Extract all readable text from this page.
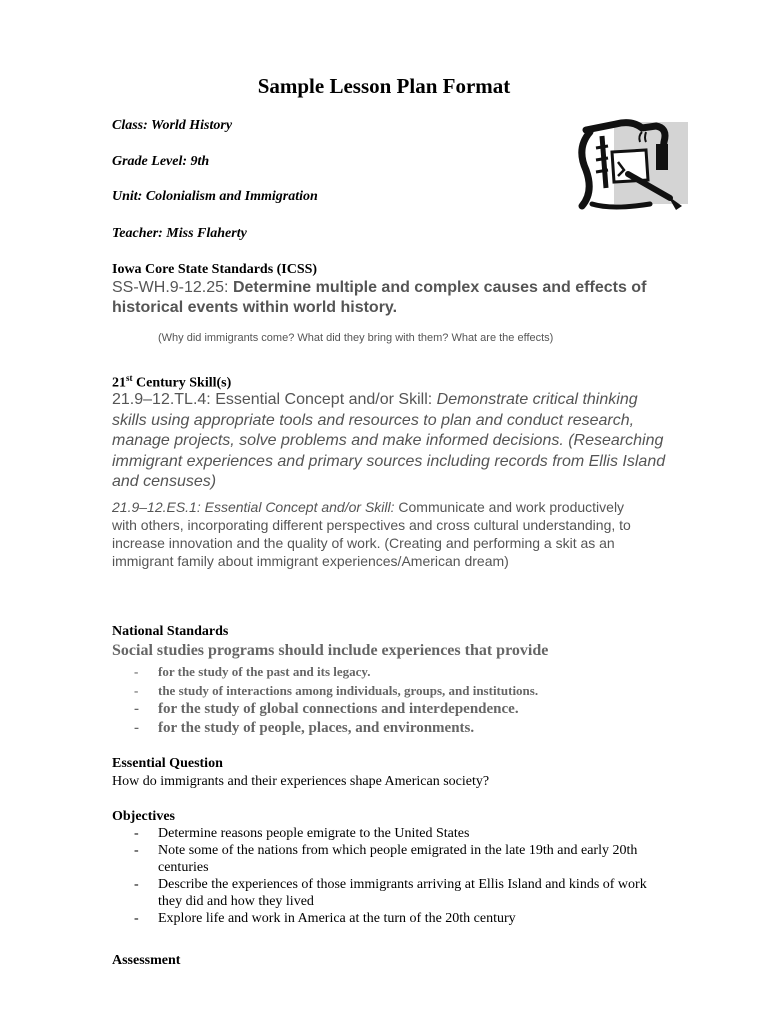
Sample Lesson Plan Format
Class: World History
Grade Level: 9th
Unit: Colonialism and Immigration
Teacher: Miss Flaherty
Iowa Core State Standards (ICSS)
SS-WH.9-12.25: Determine multiple and complex causes and effects of historical events within world history.
(Why did immigrants come? What did they bring with them? What are the effects)
21st Century Skill(s)
21.9–12.TL.4: Essential Concept and/or Skill: Demonstrate critical thinking skills using appropriate tools and resources to plan and conduct research, manage projects, solve problems and make informed decisions. (Researching immigrant experiences and primary sources including records from Ellis Island and censuses)
21.9–12.ES.1: Essential Concept and/or Skill: Communicate and work productively with others, incorporating different perspectives and cross cultural understanding, to increase innovation and the quality of work. (Creating and performing a skit as an immigrant family about immigrant experiences/American dream)
National Standards
Social studies programs should include experiences that provide
- for the study of the past and its legacy.
- the study of interactions among individuals, groups, and institutions.
- for the study of global connections and interdependence.
- for the study of people, places, and environments.
Essential Question
How do immigrants and their experiences shape American society?
Objectives
- Determine reasons people emigrate to the United States
- Note some of the nations from which people emigrated in the late 19th and early 20th centuries
- Describe the experiences of those immigrants arriving at Ellis Island and kinds of work they did and how they lived
- Explore life and work in America at the turn of the 20th century
Assessment
